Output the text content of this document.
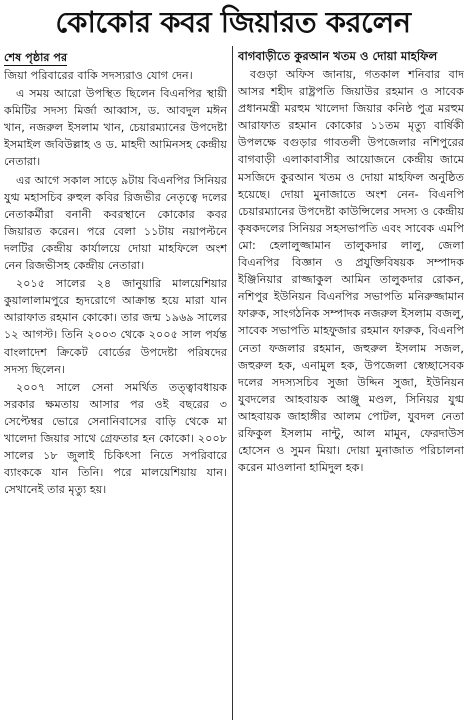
কোকোর কবর জিয়ারত করলেন
শেষ পৃষ্ঠার পর

জিয়া পরিবারের বাকি সদস্যরাও যোগ দেন।

এ সময় আরো উপস্থিত ছিলেন বিএনপির স্থায়ী কমিটির সদস্য মির্জা আব্বাস, ড. আবদুল মঈন খান, নজরুল ইসলাম খান, চেয়ারম্যানের উপদেষ্টা ইসমাইল জবিউল্লাহ ও ড. মাহদী আমিনসহ কেন্দ্রীয় নেতারা।

এর আগে সকাল সাড়ে ৯টায় বিএনপির সিনিয়র যুগ্ম মহাসচিব রুহুল কবির রিজভীর নেতৃত্বে দলের নেতাকর্মীরা বনানী কবরস্থানে কোকোর কবর জিয়ারত করেন। পরে বেলা ১১টায় নয়াপল্টনে দলটির কেন্দ্রীয় কার্যালয়ে দোয়া মাহফিলে অংশ নেন রিজভীসহ কেন্দ্রীয় নেতারা।

২০১৫ সালের ২৪ জানুয়ারি মালয়েশিয়ার কুয়ালালামপুরে হৃদরোগে আক্রান্ত হয়ে মারা যান আরাফাত রহমান কোকো। তার জন্ম ১৯৬৯ সালের ১২ আগস্ট। তিনি ২০০৩ থেকে ২০০৫ সাল পর্যন্ত বাংলাদেশ ক্রিকেট বোর্ডের উপদেষ্টা পরিষদের সদস্য ছিলেন।

২০০৭ সালে সেনা সমর্থিত তত্ত্বাবধায়ক সরকার ক্ষমতায় আসার পর ওই বছরের ৩ সেপ্টেম্বর ভোরে সেনানিবাসের বাড়ি থেকে মা খালেদা জিয়ার সাথে গ্রেফতার হন কোকো। ২০০৮ সালের ১৮ জুলাই চিকিৎসা নিতে সপরিবারে ব্যাংককে যান তিনি। পরে মালয়েশিয়ায় যান। সেখানেই তার মৃত্যু হয়।

বাগবাড়ীতে কুরআন খতম ও দোয়া মাহফিল

বগুড়া অফিস জানায়, গতকাল শনিবার বাদ আসর শহীদ রাষ্ট্রপতি জিয়াউর রহমান ও সাবেক প্রধানমন্ত্রী মরহুম খালেদা জিয়ার কনিষ্ঠ পুত্র মরহুম আরাফাত রহমান কোকোর ১১তম মৃত্যু বার্ষিকী উপলক্ষে বগুড়ার গাবতলী উপজেলার নশিপুরের বাগবাড়ী এলাকাবাসীর আয়োজনে কেন্দ্রীয় জামে মসজিদে কুরআন খতম ও দোয়া মাহফিল অনুষ্ঠিত হয়েছে। দোয়া মুনাজাতে অংশ নেন- বিএনপি চেয়ারম্যানের উপদেষ্টা কাউন্সিলের সদস্য ও কেন্দ্রীয় কৃষকদলের সিনিয়র সহসভাপতি এবং সাবেক এমপি মো: হেলালুজ্জামান তালুকদার লালু, জেলা বিএনপির বিজ্ঞান ও প্রযুক্তিবিষয়ক সম্পাদক ইঞ্জিনিয়ার রাজ্জাকুল আমিন তালুকদার রোকন, নশিপুর ইউনিয়ন বিএনপির সভাপতি মনিরুজ্জামান ফারুক, সাংগঠনিক সম্পাদক নজরুল ইসলাম বজলু, সাবেক সভাপতি মাহফুজার রহমান ফারুক, বিএনপি নেতা ফজলার রহমান, জহুরুল ইসলাম সজল, জহুরুল হক, এনামুল হক, উপজেলা স্বেচ্ছাসেবক দলের সদস্যসচিব সুজা উদ্দিন সুজা, ইউনিয়ন যুবদলের আহবায়ক আঞ্জু মণ্ডল, সিনিয়র যুগ্ম আহবায়ক জাহাঙ্গীর আলম পোটল, যুবদল নেতা রফিকুল ইসলাম নান্টু, আল মামুন, ফেরদাউস হোসেন ও সুমন মিয়া। দোয়া মুনাজাত পরিচালনা করেন মাওলানা হামিদুল হক।
